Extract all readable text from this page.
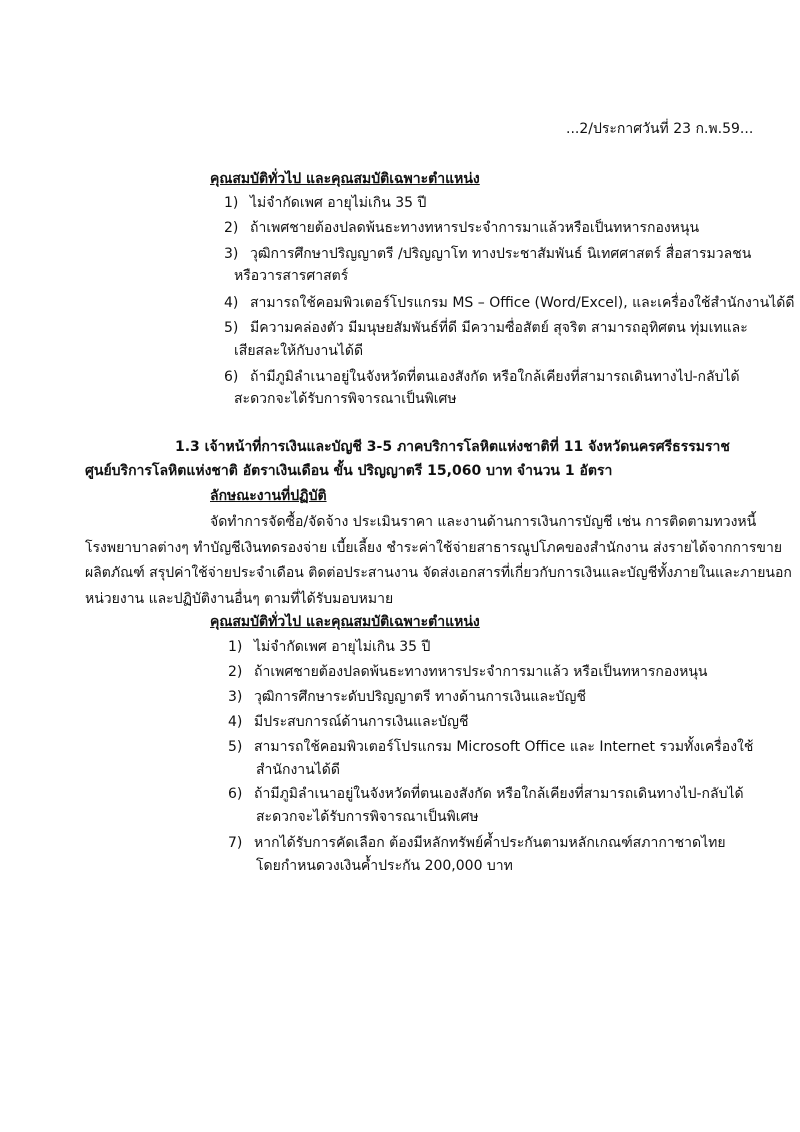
...2/ประกาศวันที่ 23 ก.พ.59...
คุณสมบัติทั่วไป และคุณสมบัติเฉพาะตำแหน่ง
1) ไม่จำกัดเพศ อายุไม่เกิน 35 ปี
2) ถ้าเพศชายต้องปลดพ้นธะทางทหารประจำการมาแล้วหรือเป็นทหารกองหนุน
3) วุฒิการศึกษาปริญญาตรี /ปริญญาโท ทางประชาสัมพันธ์ นิเทศศาสตร์ สื่อสารมวลชน
หรือวารสารศาสตร์
4) สามารถใช้คอมพิวเตอร์โปรแกรม MS – Office (Word/Excel), และเครื่องใช้สำนักงานได้ดี
5) มีความคล่องตัว มีมนุษยสัมพันธ์ที่ดี มีความซื่อสัตย์ สุจริต สามารถอุทิศตน ทุ่มเทและ
เสียสละให้กับงานได้ดี
6) ถ้ามีภูมิลำเนาอยู่ในจังหวัดที่ตนเองสังกัด หรือใกล้เคียงที่สามารถเดินทางไป-กลับได้
สะดวกจะได้รับการพิจารณาเป็นพิเศษ
1.3 เจ้าหน้าที่การเงินและบัญชี 3-5 ภาคบริการโลหิตแห่งชาติที่ 11 จังหวัดนครศรีธรรมราช
ศูนย์บริการโลหิตแห่งชาติ อัตราเงินเดือน ขั้น ปริญญาตรี 15,060 บาท จำนวน 1 อัตรา
ลักษณะงานที่ปฏิบัติ
จัดทำการจัดซื้อ/จัดจ้าง ประเมินราคา และงานด้านการเงินการบัญชี เช่น การติดตามทวงหนี้
โรงพยาบาลต่างๆ ทำบัญชีเงินทดรองจ่าย เบี้ยเลี้ยง ชำระค่าใช้จ่ายสาธารณูปโภคของสำนักงาน ส่งรายได้จากการขาย
ผลิตภัณฑ์ สรุปค่าใช้จ่ายประจำเดือน ติดต่อประสานงาน จัดส่งเอกสารที่เกี่ยวกับการเงินและบัญชีทั้งภายในและภายนอก
หน่วยงาน และปฏิบัติงานอื่นๆ ตามที่ได้รับมอบหมาย
คุณสมบัติทั่วไป และคุณสมบัติเฉพาะตำแหน่ง
1) ไม่จำกัดเพศ อายุไม่เกิน 35 ปี
2) ถ้าเพศชายต้องปลดพ้นธะทางทหารประจำการมาแล้ว หรือเป็นทหารกองหนุน
3) วุฒิการศึกษาระดับปริญญาตรี ทางด้านการเงินและบัญชี
4) มีประสบการณ์ด้านการเงินและบัญชี
5) สามารถใช้คอมพิวเตอร์โปรแกรม Microsoft Office และ Internet รวมทั้งเครื่องใช้
สำนักงานได้ดี
6) ถ้ามีภูมิลำเนาอยู่ในจังหวัดที่ตนเองสังกัด หรือใกล้เคียงที่สามารถเดินทางไป-กลับได้
สะดวกจะได้รับการพิจารณาเป็นพิเศษ
7) หากได้รับการคัดเลือก ต้องมีหลักทรัพย์ค้ำประกันตามหลักเกณฑ์สภากาชาดไทย
โดยกำหนดวงเงินค้ำประกัน 200,000 บาท
